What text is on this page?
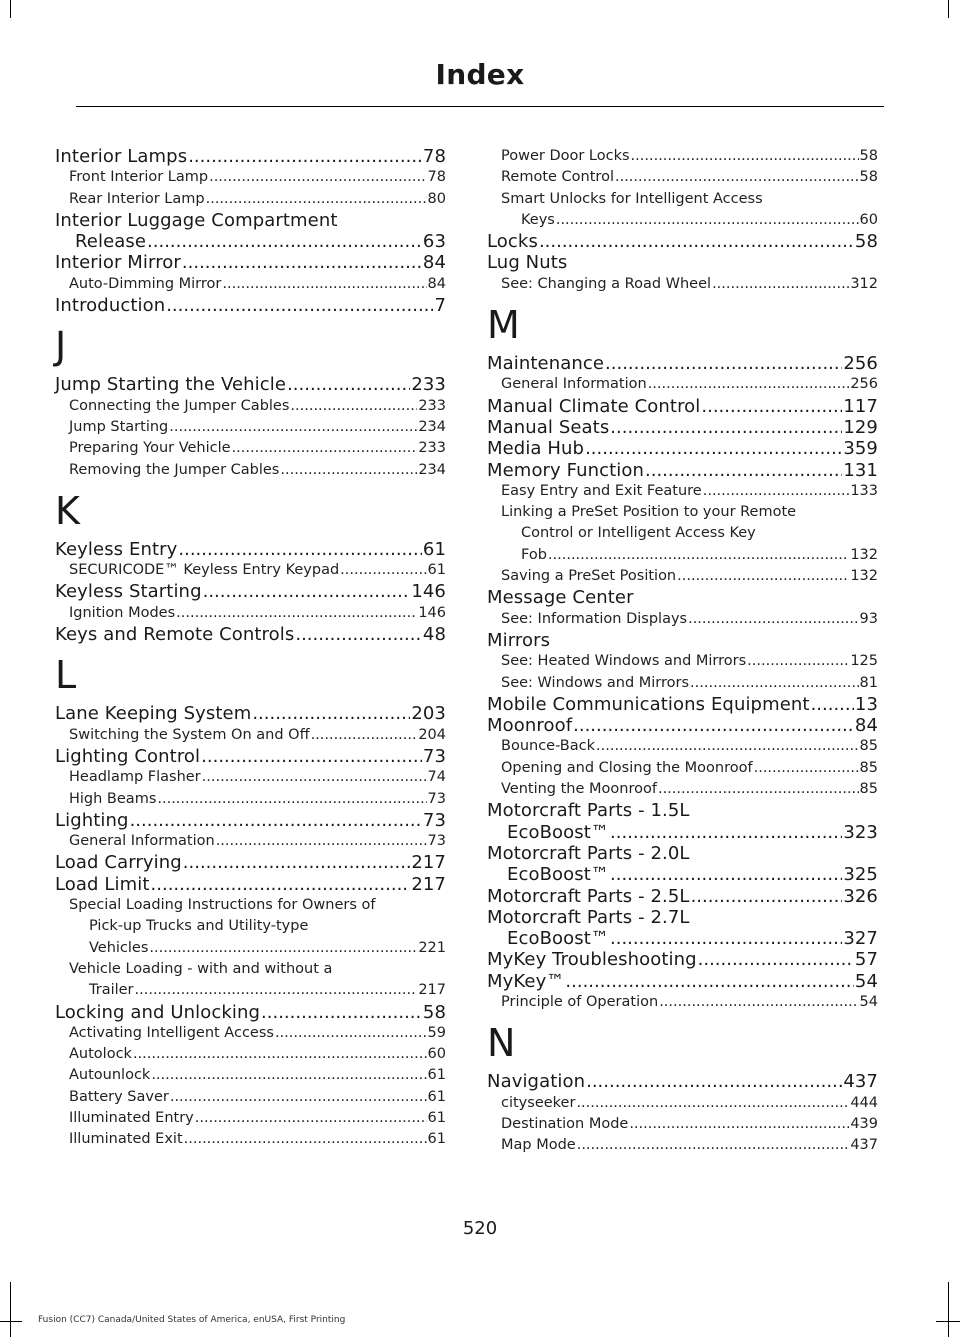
Index
Interior Lamps .....	78
Front Interior Lamp .....	78
Rear Interior Lamp .....	80
Interior Luggage Compartment
Release .....	63
Interior Mirror .....	84
Auto-Dimming Mirror .....	84
Introduction .....	7
J
Jump Starting the Vehicle .....	233
Connecting the Jumper Cables .....	233
Jump Starting .....	234
Preparing Your Vehicle .....	233
Removing the Jumper Cables .....	234
K
Keyless Entry .....	61
SECURICODE™ Keyless Entry Keypad .....	61
Keyless Starting .....	146
Ignition Modes .....	146
Keys and Remote Controls .....	48
L
Lane Keeping System .....	203
Switching the System On and Off .....	204
Lighting Control .....	73
Headlamp Flasher .....	74
High Beams .....	73
Lighting .....	73
General Information .....	73
Load Carrying .....	217
Load Limit .....	217
Special Loading Instructions for Owners of
Pick-up Trucks and Utility-type
Vehicles .....	221
Vehicle Loading - with and without a
Trailer .....	217
Locking and Unlocking .....	58
Activating Intelligent Access .....	59
Autolock .....	60
Autounlock .....	61
Battery Saver .....	61
Illuminated Entry .....	61
Illuminated Exit .....	61
Power Door Locks .....	58
Remote Control .....	58
Smart Unlocks for Intelligent Access
Keys .....	60
Locks .....	58
Lug Nuts
See: Changing a Road Wheel .....	312
M
Maintenance .....	256
General Information .....	256
Manual Climate Control .....	117
Manual Seats .....	129
Media Hub .....	359
Memory Function .....	131
Easy Entry and Exit Feature .....	133
Linking a PreSet Position to your Remote
Control or Intelligent Access Key
Fob .....	132
Saving a PreSet Position .....	132
Message Center
See: Information Displays .....	93
Mirrors
See: Heated Windows and Mirrors .....	125
See: Windows and Mirrors .....	81
Mobile Communications Equipment .....	13
Moonroof .....	84
Bounce-Back .....	85
Opening and Closing the Moonroof .....	85
Venting the Moonroof .....	85
Motorcraft Parts - 1.5L
EcoBoost™ .....	323
Motorcraft Parts - 2.0L
EcoBoost™ .....	325
Motorcraft Parts - 2.5L .....	326
Motorcraft Parts - 2.7L
EcoBoost™ .....	327
MyKey Troubleshooting .....	57
MyKey™ .....	54
Principle of Operation .....	54
N
Navigation .....	437
cityseeker .....	444
Destination Mode .....	439
Map Mode .....	437
520
Fusion (CC7) Canada/United States of America, enUSA, First Printing
